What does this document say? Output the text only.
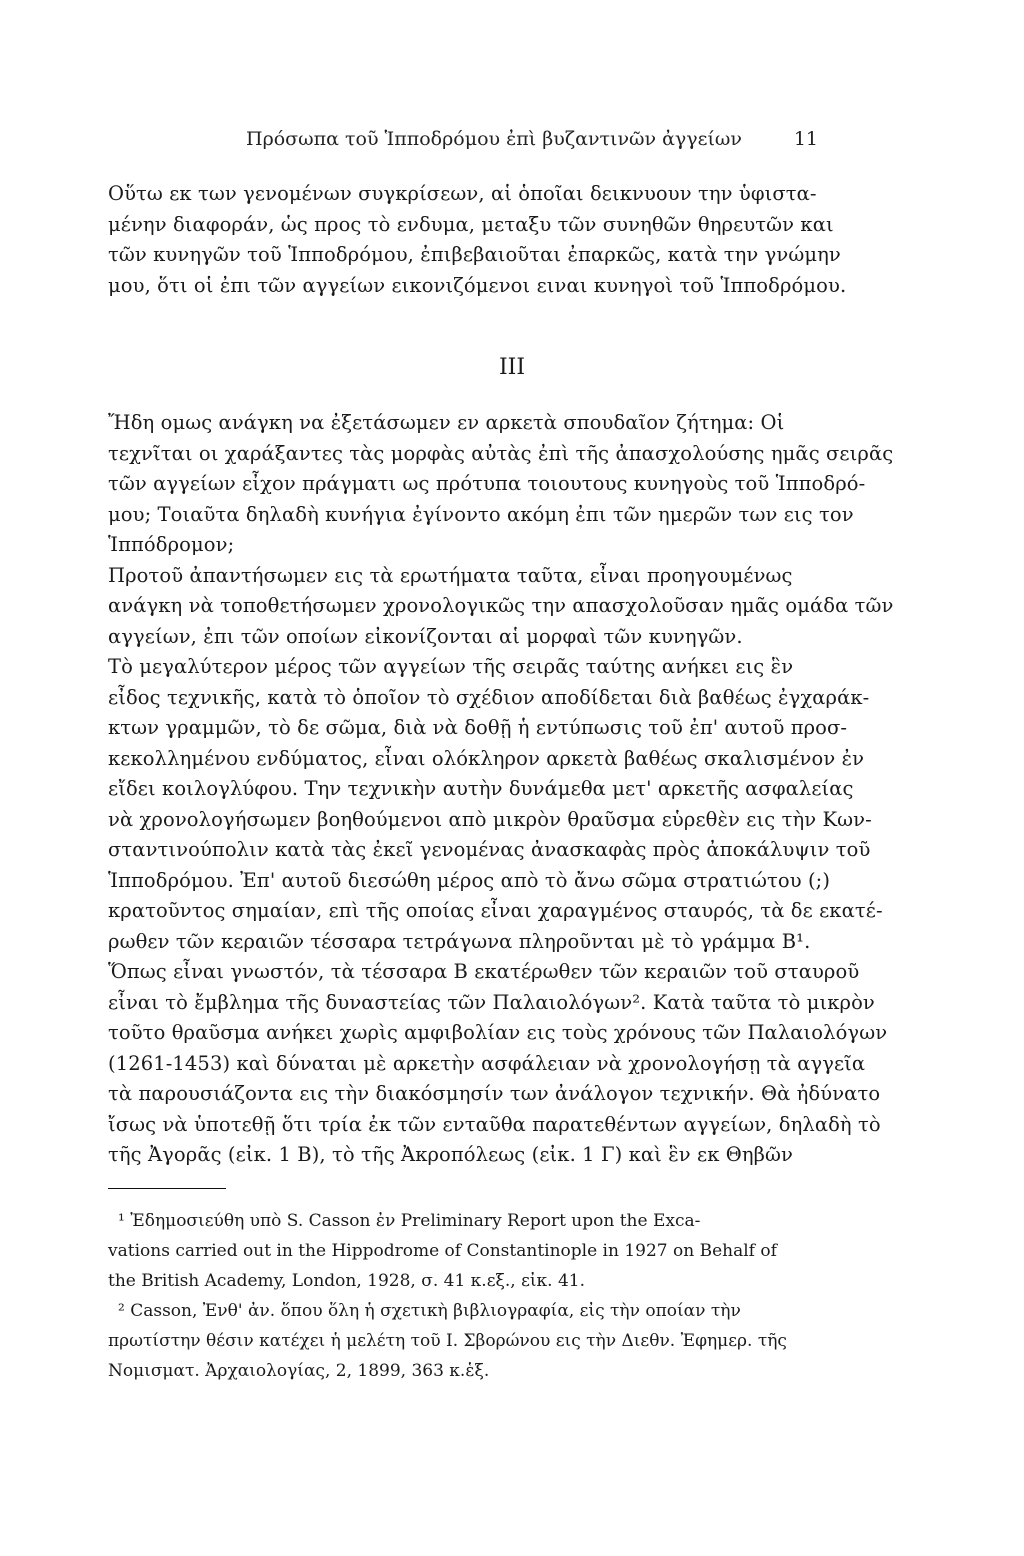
Πρόσωπα τοῦ Ἱπποδρόμου ἐπὶ βυζαντινῶν ἀγγείων	11
Οὕτω εκ των γενομένων συγκρίσεων, αἱ ὁποῖαι δεικνυουν την ὑφιστα-
μένην διαφοράν, ὡς προς τὸ ενδυμα, μεταξυ τῶν συνηθῶν θηρευτῶν και
τῶν κυνηγῶν τοῦ Ἱπποδρόμου, ἐπιβεβαιοῦται ἐπαρκῶς, κατὰ την γνώμην
μου, ὅτι οἱ ἐπι τῶν αγγείων εικονιζόμενοι ειναι κυνηγοὶ τοῦ Ἱπποδρόμου.
III
Ἤδη ομως ανάγκη να ἐξετάσωμεν εν αρκετὰ σπουδαῖον ζήτημα: Οἱ
τεχνῖται οι χαράξαντες τὰς μορφὰς αὐτὰς ἐπὶ τῆς ἀπασχολούσης ημᾶς σειρᾶς
τῶν αγγείων εἶχον πράγματι ως πρότυπα τοιουτους κυνηγοὺς τοῦ Ἱπποδρό-
μου; Τοιαῦτα δηλαδὴ κυνήγια ἐγίνοντο ακόμη ἐπι τῶν ημερῶν των εις τον
Ἱππόδρομον;
Προτοῦ ἀπαντήσωμεν εις τὰ ερωτήματα ταῦτα, εἶναι προηγουμένως
ανάγκη νὰ τοποθετήσωμεν χρονολογικῶς την απασχολοῦσαν ημᾶς ομάδα τῶν
αγγείων, ἐπι τῶν οποίων εἰκονίζονται αἱ μορφαὶ τῶν κυνηγῶν.
Τὸ μεγαλύτερον μέρος τῶν αγγείων τῆς σειρᾶς ταύτης ανήκει εις ἓν
εἶδος τεχνικῆς, κατὰ τὸ ὁποῖον τὸ σχέδιον αποδίδεται διὰ βαθέως ἐγχαράκ-
κτων γραμμῶν, τὸ δε σῶμα, διὰ νὰ δοθῇ ἡ εντύπωσις τοῦ ἐπ' αυτοῦ προσ-
κεκολλημένου ενδύματος, εἶναι ολόκληρον αρκετὰ βαθέως σκαλισμένον ἐν
εἴδει κοιλογλύφου. Την τεχνικὴν αυτὴν δυνάμεθα μετ' αρκετῆς ασφαλείας
νὰ χρονολογήσωμεν βοηθούμενοι απὸ μικρὸν θραῦσμα εὑρεθὲν εις τὴν Κων-
σταντινούπολιν κατὰ τὰς ἐκεῖ γενομένας ἀνασκαφὰς πρὸς ἀποκάλυψιν τοῦ
Ἱπποδρόμου. Ἐπ' αυτοῦ διεσώθη μέρος απὸ τὸ ἄνω σῶμα στρατιώτου (;)
κρατοῦντος σημαίαν, επὶ τῆς οποίας εἶναι χαραγμένος σταυρός, τὰ δε εκατέ-
ρωθεν τῶν κεραιῶν τέσσαρα τετράγωνα πληροῦνται μὲ τὸ γράμμα Β¹.
Ὅπως εἶναι γνωστόν, τὰ τέσσαρα Β εκατέρωθεν τῶν κεραιῶν τοῦ σταυροῦ
εἶναι τὸ ἔμβλημα τῆς δυναστείας τῶν Παλαιολόγων². Κατὰ ταῦτα τὸ μικρὸν
τοῦτο θραῦσμα ανήκει χωρὶς αμφιβολίαν εις τοὺς χρόνους τῶν Παλαιολόγων
(1261-1453) καὶ δύναται μὲ αρκετὴν ασφάλειαν νὰ χρονολογήσῃ τὰ αγγεῖα
τὰ παρουσιάζοντα εις τὴν διακόσμησίν των ἀνάλογον τεχνικήν. Θὰ ἠδύνατο
ἴσως νὰ ὑποτεθῇ ὅτι τρία ἐκ τῶν ενταῦθα παρατεθέντων αγγείων, δηλαδὴ τὸ
τῆς Ἀγορᾶς (εἰκ. 1 Β), τὸ τῆς Ἀκροπόλεως (εἰκ. 1 Γ) καὶ ἓν εκ Θηβῶν
¹ Ἐδημοσιεύθη υπὸ S. Casson ἐν Preliminary Report upon the Exca-
vations carried out in the Hippodrome of Constantinople in 1927 on Behalf of
the British Academy, London, 1928, σ. 41 κ.εξ., εἰκ. 41.
² Casson, Ἐνθ' ἀν. ὅπου ὅλη ἡ σχετικὴ βιβλιογραφία, εἰς τὴν οποίαν τὴν
πρωτίστην θέσιν κατέχει ἡ μελέτη τοῦ Ι. Σβορώνου εις τὴν Διεθν. Ἐφημερ. τῆς
Νομισματ. Ἀρχαιολογίας, 2, 1899, 363 κ.ἑξ.
